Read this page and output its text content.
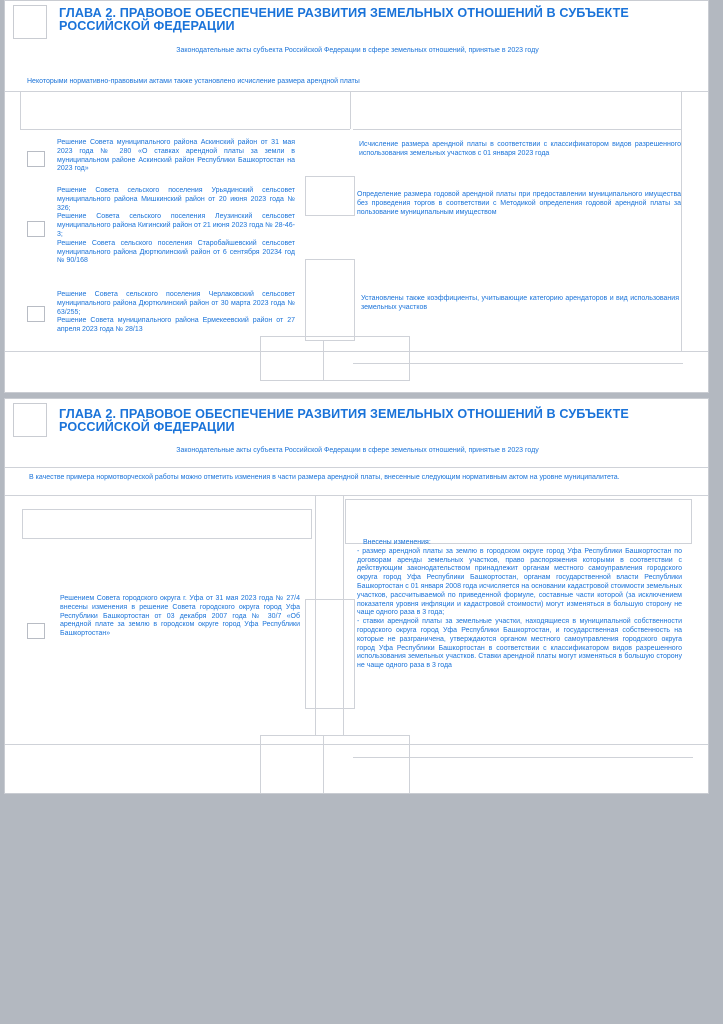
ГЛАВА 2. ПРАВОВОЕ ОБЕСПЕЧЕНИЕ РАЗВИТИЯ ЗЕМЕЛЬНЫХ ОТНОШЕНИЙ В СУБЪЕКТЕ РОССИЙСКОЙ ФЕДЕРАЦИИ
Законодательные акты субъекта Российской Федерации в сфере земельных отношений, принятые в 2023 году
Некоторыми нормативно-правовыми актами также установлено исчисление размера арендной платы
Решение Совета муниципального района Аскинский район от 31 мая 2023 года № 280 «О ставках арендной платы за земли в муниципальном районе Аскинский район Республики Башкортостан на 2023 год»
Исчисление размера арендной платы в соответствии с классификатором видов разрешенного использования земельных участков с 01 января 2023 года
Решение Совета сельского поселения Урьядинский сельсовет муниципального района Мишкинский район от 20 июня 2023 года № 326;
Решение Совета сельского поселения Леузинский сельсовет муниципального района Кигинский район от 21 июня 2023 года № 28-46-3;
Решение Совета сельского поселения Старобайшевский сельсовет муниципального района Дюртюлинский район от 6 сентября 20234 год № 90/168
Определение размера годовой арендной платы при предоставлении муниципального имущества без проведения торгов в соответствии с Методикой определения годовой арендной платы за пользование муниципальным имуществом
Решение Совета сельского поселения Черлаковский сельсовет муниципального района Дюртюлинский район от 30 марта 2023 года № 63/255;
Решение Совета муниципального района Ермекеевский район от 27 апреля 2023 года № 28/13
Установлены также коэффициенты, учитывающие категорию арендаторов и вид использования земельных участков
ГЛАВА 2. ПРАВОВОЕ ОБЕСПЕЧЕНИЕ РАЗВИТИЯ ЗЕМЕЛЬНЫХ ОТНОШЕНИЙ В СУБЪЕКТЕ РОССИЙСКОЙ ФЕДЕРАЦИИ
Законодательные акты субъекта Российской Федерации в сфере земельных отношений, принятые в 2023 году
В качестве примера нормотворческой работы можно отметить изменения в части размера арендной платы, внесенные следующим нормативным актом на уровне муниципалитета.
Решением Совета городского округа г. Уфа от 31 мая 2023 года № 27/4 внесены изменения в решение Совета городского округа город Уфа Республики Башкортостан от 03 декабря 2007 года № 30/7 «Об арендной плате за землю в городском округе город Уфа Республики Башкортостан»
Внесены изменения:
- размер арендной платы за землю в городском округе город Уфа Республики Башкортостан по договорам аренды земельных участков, право распоряжения которыми в соответствии с действующим законодательством принадлежит органам местного самоуправления городского округа город Уфа Республики Башкортостан, органам государственной власти Республики Башкортостан с 01 января 2008 года исчисляется на основании кадастровой стоимости земельных участков, рассчитываемой по приведенной формуле, составные части которой (за исключением показателя уровня инфляции и кадастровой стоимости) могут изменяться в большую сторону не чаще одного раза в 3 года;
- ставки арендной платы за земельные участки, находящиеся в муниципальной собственности городского округа город Уфа Республики Башкортостан, и государственная собственность на которые не разграничена, утверждаются органом местного самоуправления городского округа город Уфа Республики Башкортостан в соответствии с классификатором видов разрешенного использования земельных участков. Ставки арендной платы могут изменяться в большую сторону не чаще одного раза в 3 года
